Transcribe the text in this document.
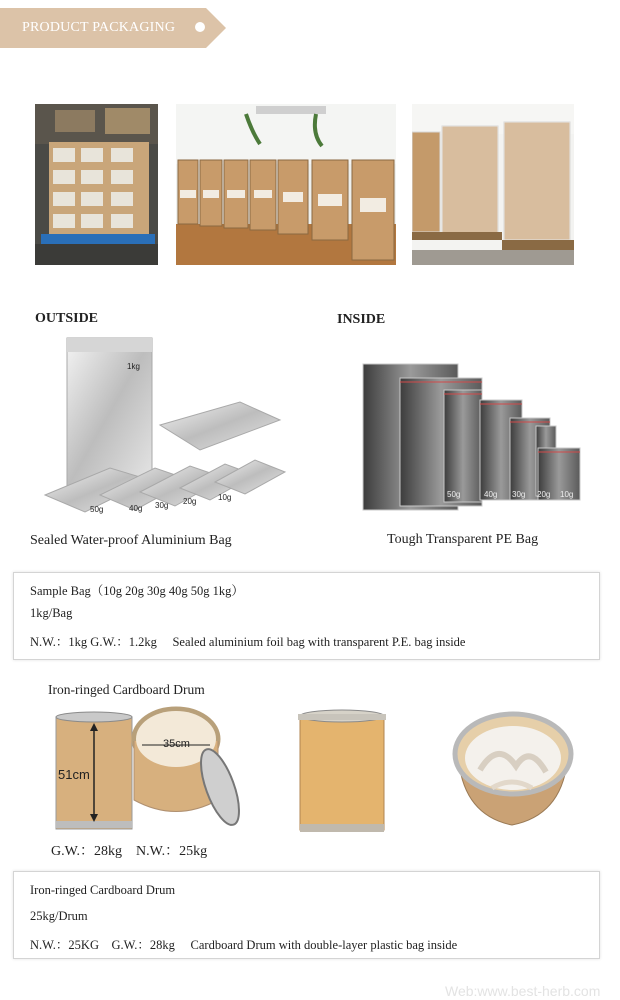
PRODUCT PACKAGING
OUTSIDE	INSIDE
1kg
50g	40g 30g 20g	10g	50g	40g 30g 20g 10g
Sealed Water-proof Aluminium Bag	Tough Transparent PE Bag
Sample Bag（10g 20g 30g 40g 50g 1kg）
1kg/Bag
N.W.：1kg G.W.：1.2kg　 Sealed aluminium foil bag with transparent P.E. bag inside
Iron-ringed Cardboard Drum
51cm
35cm
G.W.：28kg　N.W.：25kg
Iron-ringed Cardboard Drum
25kg/Drum
N.W.：25KG　G.W.：28kg　 Cardboard Drum with double-layer plastic bag inside
Web:www.best-herb.com
